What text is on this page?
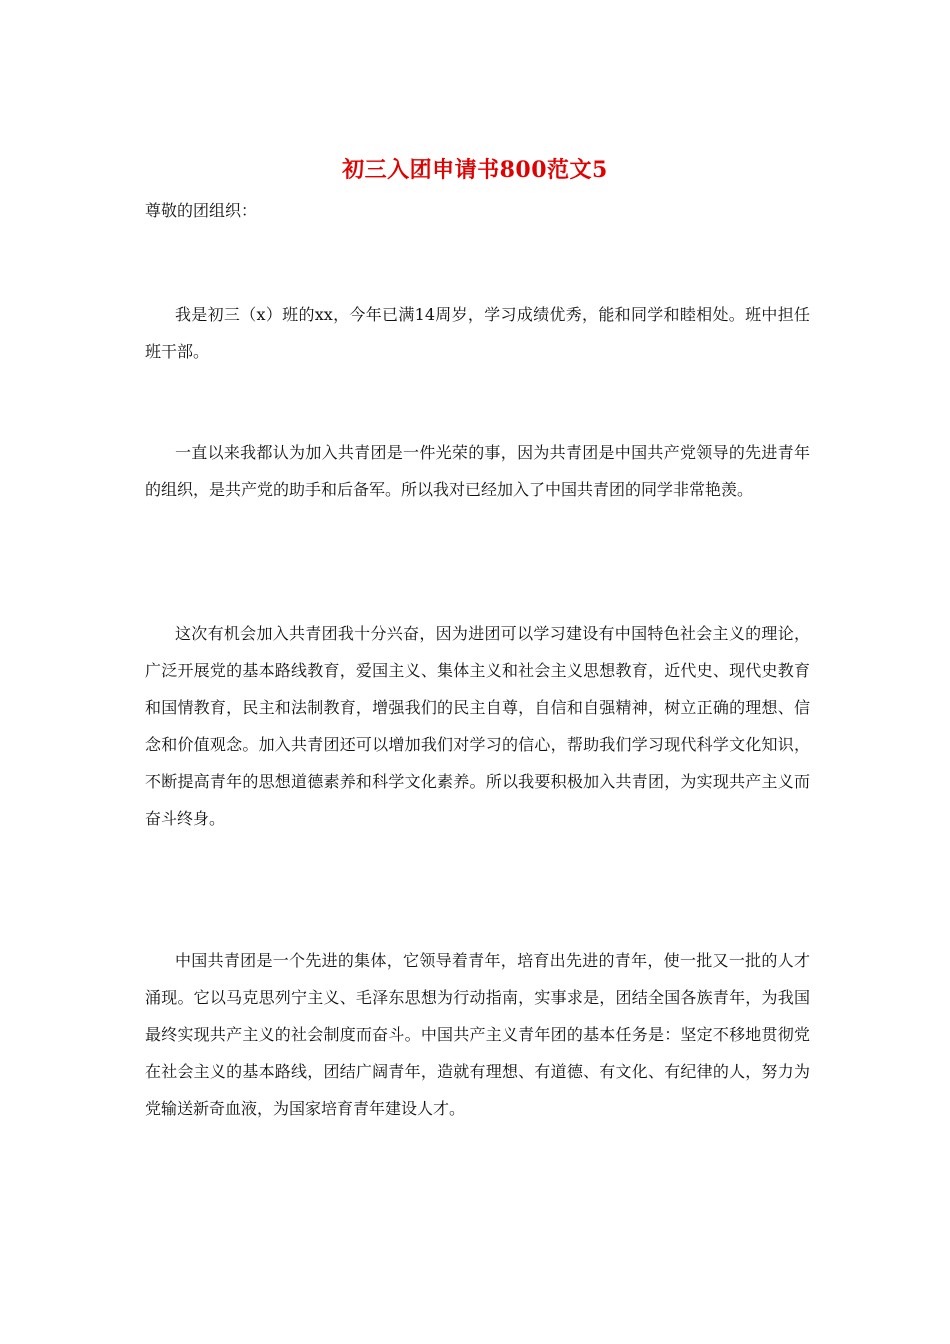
初三入团申请书800范文5
尊敬的团组织：

我是初三（x）班的xx，今年已满14周岁，学习成绩优秀，能和同学和睦相处。班中担任班干部。

一直以来我都认为加入共青团是一件光荣的事，因为共青团是中国共产党领导的先进青年的组织，是共产党的助手和后备军。所以我对已经加入了中国共青团的同学非常艳羡。

这次有机会加入共青团我十分兴奋，因为进团可以学习建设有中国特色社会主义的理论，广泛开展党的基本路线教育，爱国主义、集体主义和社会主义思想教育，近代史、现代史教育和国情教育，民主和法制教育，增强我们的民主自尊，自信和自强精神，树立正确的理想、信念和价值观念。加入共青团还可以增加我们对学习的信心，帮助我们学习现代科学文化知识，不断提高青年的思想道德素养和科学文化素养。所以我要积极加入共青团，为实现共产主义而奋斗终身。

中国共青团是一个先进的集体，它领导着青年，培育出先进的青年，使一批又一批的人才涌现。它以马克思列宁主义、毛泽东思想为行动指南，实事求是，团结全国各族青年，为我国最终实现共产主义的社会制度而奋斗。中国共产主义青年团的基本任务是：坚定不移地贯彻党在社会主义的基本路线，团结广阔青年，造就有理想、有道德、有文化、有纪律的人，努力为党输送新奇血液，为国家培育青年建设人才。
